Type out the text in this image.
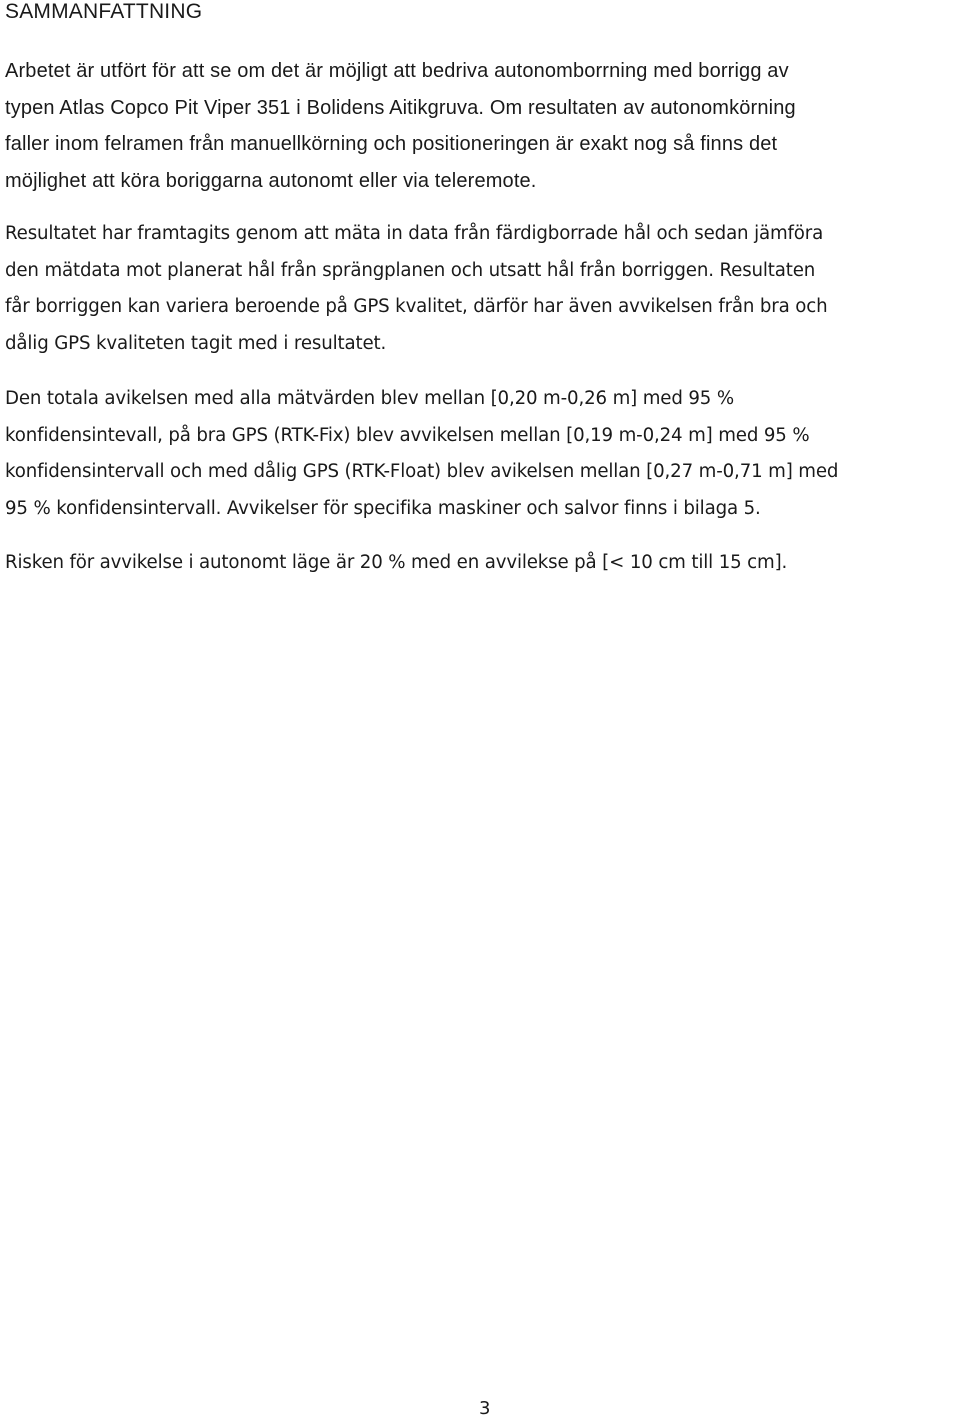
SAMMANFATTNING

Arbetet är utfört för att se om det är möjligt att bedriva autonomborrning med borrigg av
typen Atlas Copco Pit Viper 351 i Bolidens Aitikgruva. Om resultaten av autonomkörning
faller inom felramen från manuellkörning och positioneringen är exakt nog så finns det
möjlighet att köra boriggarna autonomt eller via teleremote.

Resultatet har framtagits genom att mäta in data från färdigborrade hål och sedan jämföra
den mätdata mot planerat hål från sprängplanen och utsatt hål från borriggen. Resultaten
får borriggen kan variera beroende på GPS kvalitet, därför har även avvikelsen från bra och
dålig GPS kvaliteten tagit med i resultatet.

Den totala avikelsen med alla mätvärden blev mellan [0,20 m-0,26 m] med 95 %
konfidensintevall, på bra GPS (RTK-Fix) blev avvikelsen mellan [0,19 m-0,24 m] med 95 %
konfidensintervall och med dålig GPS (RTK-Float) blev avikelsen mellan [0,27 m-0,71 m] med
95 % konfidensintervall. Avvikelser för specifika maskiner och salvor finns i bilaga 5.

Risken för avvikelse i autonomt läge är 20 % med en avvilekse på [< 10 cm till 15 cm].

3
